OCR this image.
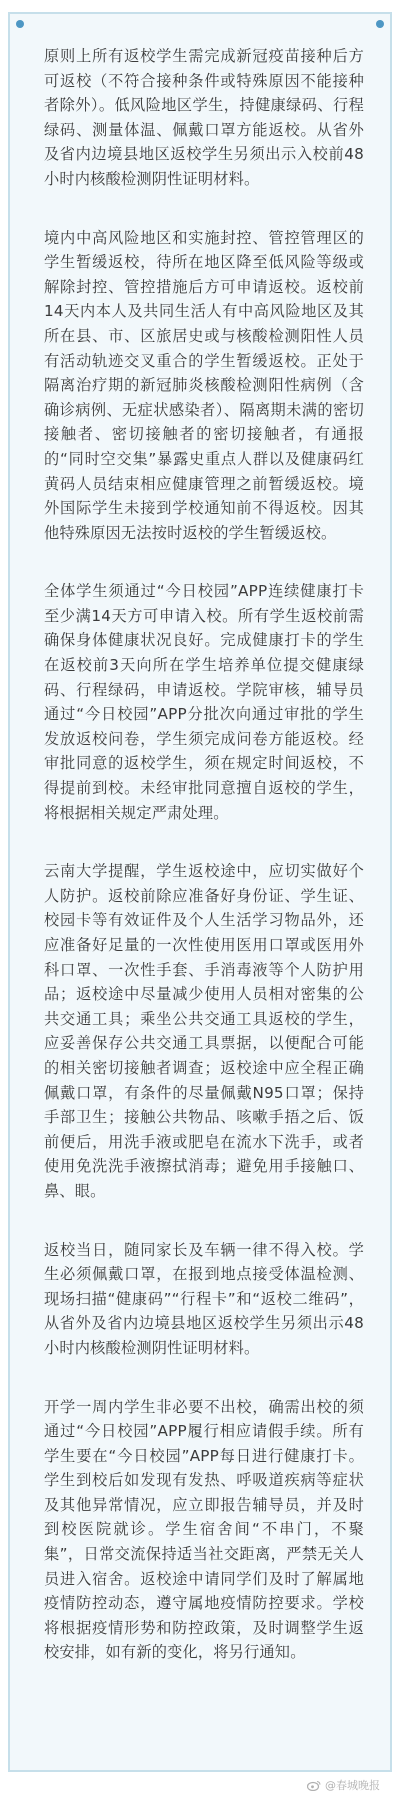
原则上所有返校学生需完成新冠疫苗接种后方可返校（不符合接种条件或特殊原因不能接种者除外）。低风险地区学生，持健康绿码、行程绿码、测量体温、佩戴口罩方能返校。从省外及省内边境县地区返校学生另须出示入校前48小时内核酸检测阴性证明材料。

境内中高风险地区和实施封控、管控管理区的学生暂缓返校，待所在地区降至低风险等级或解除封控、管控措施后方可申请返校。返校前14天内本人及共同生活人有中高风险地区及其所在县、市、区旅居史或与核酸检测阳性人员有活动轨迹交叉重合的学生暂缓返校。正处于隔离治疗期的新冠肺炎核酸检测阳性病例（含确诊病例、无症状感染者）、隔离期未满的密切接触者、密切接触者的密切接触者，有通报的“同时空交集”暴露史重点人群以及健康码红黄码人员结束相应健康管理之前暂缓返校。境外国际学生未接到学校通知前不得返校。因其他特殊原因无法按时返校的学生暂缓返校。

全体学生须通过“今日校园”APP连续健康打卡至少满14天方可申请入校。所有学生返校前需确保身体健康状况良好。完成健康打卡的学生在返校前3天向所在学生培养单位提交健康绿码、行程绿码，申请返校。学院审核，辅导员通过“今日校园”APP分批次向通过审批的学生发放返校问卷，学生须完成问卷方能返校。经审批同意的返校学生，须在规定时间返校，不得提前到校。未经审批同意擅自返校的学生，将根据相关规定严肃处理。

云南大学提醒，学生返校途中，应切实做好个人防护。返校前除应准备好身份证、学生证、校园卡等有效证件及个人生活学习物品外，还应准备好足量的一次性使用医用口罩或医用外科口罩、一次性手套、手消毒液等个人防护用品；返校途中尽量减少使用人员相对密集的公共交通工具；乘坐公共交通工具返校的学生，应妥善保存公共交通工具票据，以便配合可能的相关密切接触者调查；返校途中应全程正确佩戴口罩，有条件的尽量佩戴N95口罩；保持手部卫生；接触公共物品、咳嗽手捂之后、饭前便后，用洗手液或肥皂在流水下洗手，或者使用免洗洗手液擦拭消毒；避免用手接触口、鼻、眼。

返校当日，随同家长及车辆一律不得入校。学生必须佩戴口罩，在报到地点接受体温检测、现场扫描“健康码”“行程卡”和“返校二维码”，从省外及省内边境县地区返校学生另须出示48小时内核酸检测阴性证明材料。

开学一周内学生非必要不出校，确需出校的须通过“今日校园”APP履行相应请假手续。所有学生要在“今日校园”APP每日进行健康打卡。学生到校后如发现有发热、呼吸道疾病等症状及其他异常情况，应立即报告辅导员，并及时到校医院就诊。学生宿舍间“不串门，不聚集”，日常交流保持适当社交距离，严禁无关人员进入宿舍。返校途中请同学们及时了解属地疫情防控动态，遵守属地疫情防控要求。学校将根据疫情形势和防控政策，及时调整学生返校安排，如有新的变化，将另行通知。

@春城晚报
